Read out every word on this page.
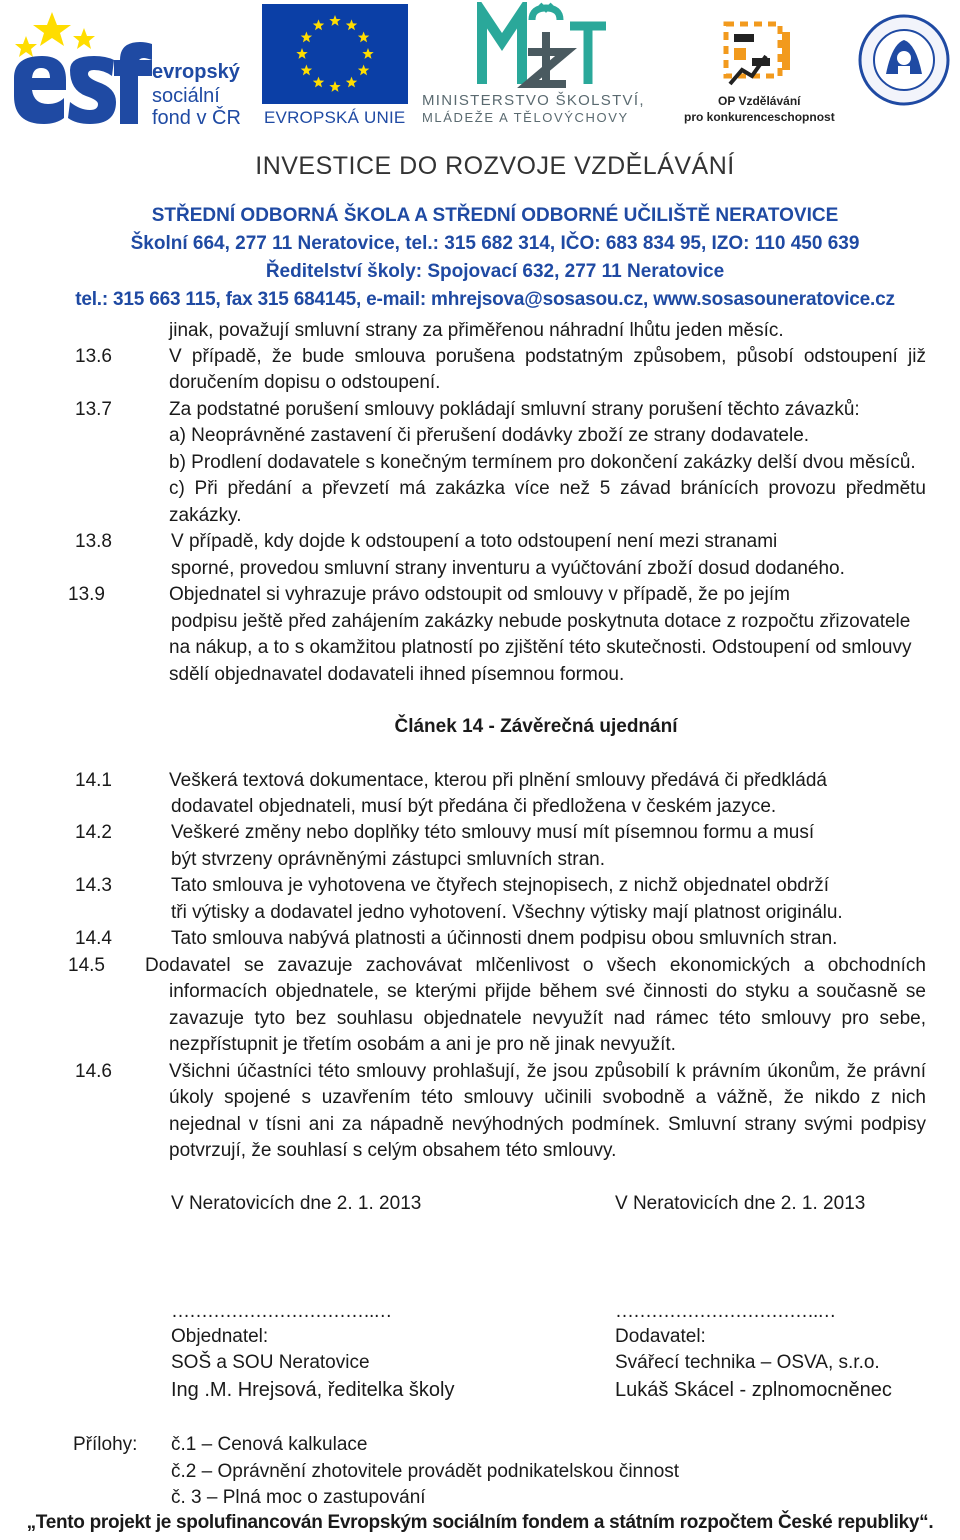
evropský
sociální
fond v ČR EVROPSKÁ UNIE
MINISTERSTVO ŠKOLSTVÍ,
MLÁDEŽE A TĚLOVÝCHOVY
OP Vzdělávání
pro konkurenceschopnost
INVESTICE DO ROZVOJE VZDĚLÁVÁNÍ
STŘEDNÍ ODBORNÁ ŠKOLA A STŘEDNÍ ODBORNÉ UČILIŠTĚ NERATOVICE
Školní 664, 277 11 Neratovice, tel.: 315 682 314, IČO: 683 834 95, IZO: 110 450 639
Ředitelství školy: Spojovací 632, 277 11 Neratovice
tel.: 315 663 115, fax 315 684145, e-mail: mhrejsova@sosasou.cz, www.sosasouneratovice.cz
jinak, považují smluvní strany za přiměřenou náhradní lhůtu jeden měsíc.
13.6	V případě, že bude smlouva porušena podstatným způsobem, působí odstoupení již
doručením dopisu o odstoupení.
13.7	Za podstatné porušení smlouvy pokládají smluvní strany porušení těchto závazků:
a) Neoprávněné zastavení či přerušení dodávky zboží ze strany dodavatele.
b) Prodlení dodavatele s konečným termínem pro dokončení zakázky delší dvou měsíců.
c) Při předání a převzetí má zakázka více než 5 závad bránících provozu předmětu
zakázky.
13.8	V případě, kdy dojde k odstoupení a toto odstoupení není mezi stranami
sporné, provedou smluvní strany inventuru a vyúčtování zboží dosud dodaného.
13.9	Objednatel si vyhrazuje právo odstoupit od smlouvy v případě, že po jejím
podpisu ještě před zahájením zakázky nebude poskytnuta dotace z rozpočtu zřizovatele
na nákup, a to s okamžitou platností po zjištění této skutečnosti. Odstoupení od smlouvy
sdělí objednavatel dodavateli ihned písemnou formou.
Článek 14 - Závěrečná ujednání
14.1	Veškerá textová dokumentace, kterou při plnění smlouvy předává či předkládá
dodavatel objednateli, musí být předána či předložena v českém jazyce.
14.2	Veškeré změny nebo doplňky této smlouvy musí mít písemnou formu a musí
být stvrzeny oprávněnými zástupci smluvních stran.
14.3	Tato smlouva je vyhotovena ve čtyřech stejnopisech, z nichž objednatel obdrží
tři výtisky a dodavatel jedno vyhotovení. Všechny výtisky mají platnost originálu.
14.4	Tato smlouva nabývá platnosti a účinnosti dnem podpisu obou smluvních stran.
14.5 Dodavatel se zavazuje zachovávat mlčenlivost o všech ekonomických a obchodních
informacích objednatele, se kterými přijde během své činnosti do styku a současně se
zavazuje tyto bez souhlasu objednatele nevyužít nad rámec této smlouvy pro sebe,
nezpřístupnit je třetím osobám a ani je pro ně jinak nevyužít.
14.6	Všichni účastníci této smlouvy prohlašují, že jsou způsobilí k právním úkonům, že právní
úkoly spojené s uzavřením této smlouvy učinili svobodně a vážně, že nikdo z nich
nejednal v tísni ani za nápadně nevýhodných podmínek. Smluvní strany svými podpisy
potvrzují, že souhlasí s celým obsahem této smlouvy.
V Neratovicích dne 2. 1. 2013	V Neratovicích dne 2. 1. 2013
…………………………….…	…………………………….…
Objednatel:	Dodavatel:
SOŠ a SOU Neratovice	Svářecí technika – OSVA, s.r.o.
Ing .M. Hrejsová, ředitelka školy	Lukáš Skácel - zplnomocněnec
Přílohy: č.1 – Cenová kalkulace
č.2 – Oprávnění zhotovitele provádět podnikatelskou činnost
č. 3 – Plná moc o zastupování
„Tento projekt je spolufinancován Evropským sociálním fondem a státním rozpočtem České republiky“.
